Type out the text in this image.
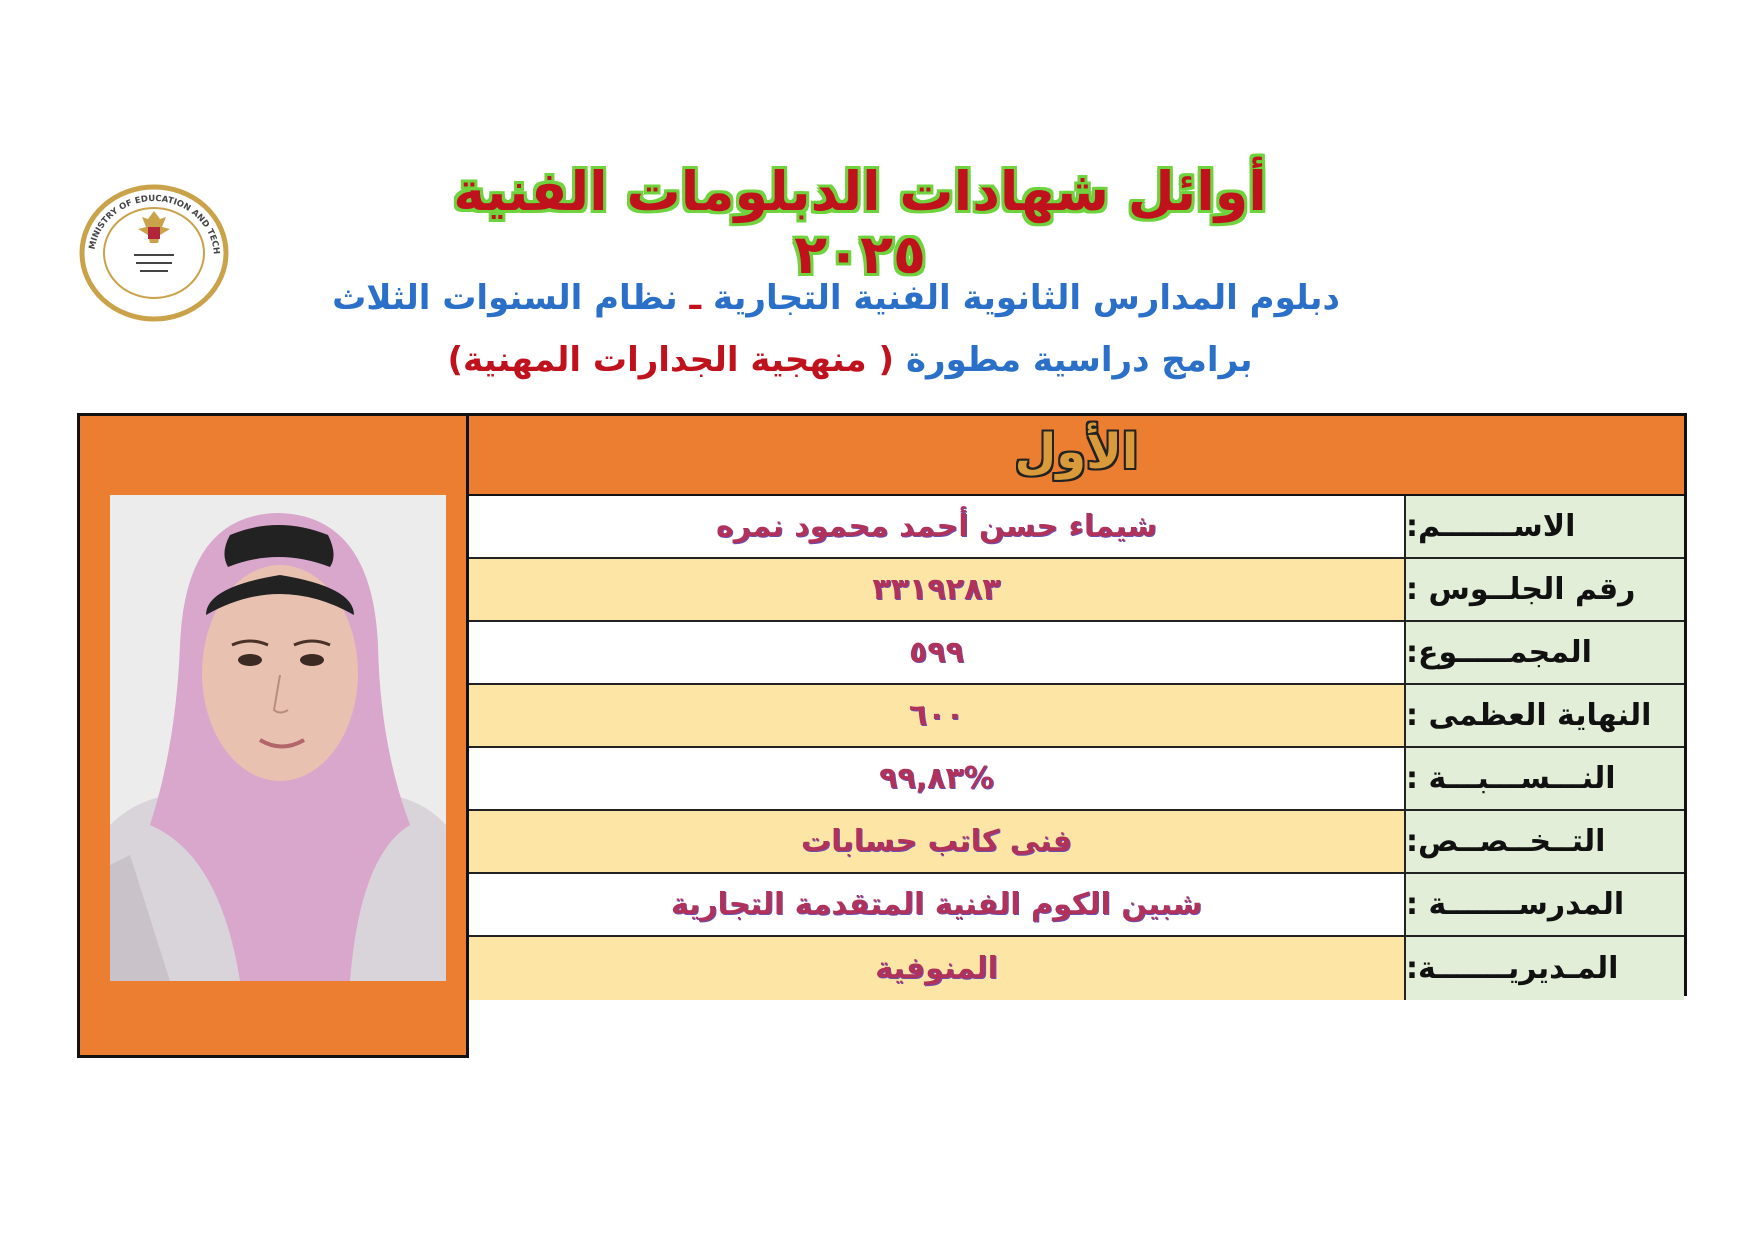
MINISTRY OF EDUCATION AND TECH
أوائل شهادات الدبلومات الفنية ٢٠٢٥
دبلوم المدارس الثانوية الفنية التجارية ـ نظام السنوات الثلاث
برامج دراسية مطورة ( منهجية الجدارات المهنية)
الأول
شيماء حسن أحمد محمود نمره	الاســـــــم:
٣٣١٩٢٨٣	رقم الجلــوس :
٥٩٩	المجمـــــوع:
٦٠٠	النهاية العظمى :
%٩٩,٨٣	النـــســـبـــة :
فنى كاتب حسابات	التــخــصــص:
شبين الكوم الفنية المتقدمة التجارية	المدرســـــــة :
المنوفية	المـديريـــــــة:
